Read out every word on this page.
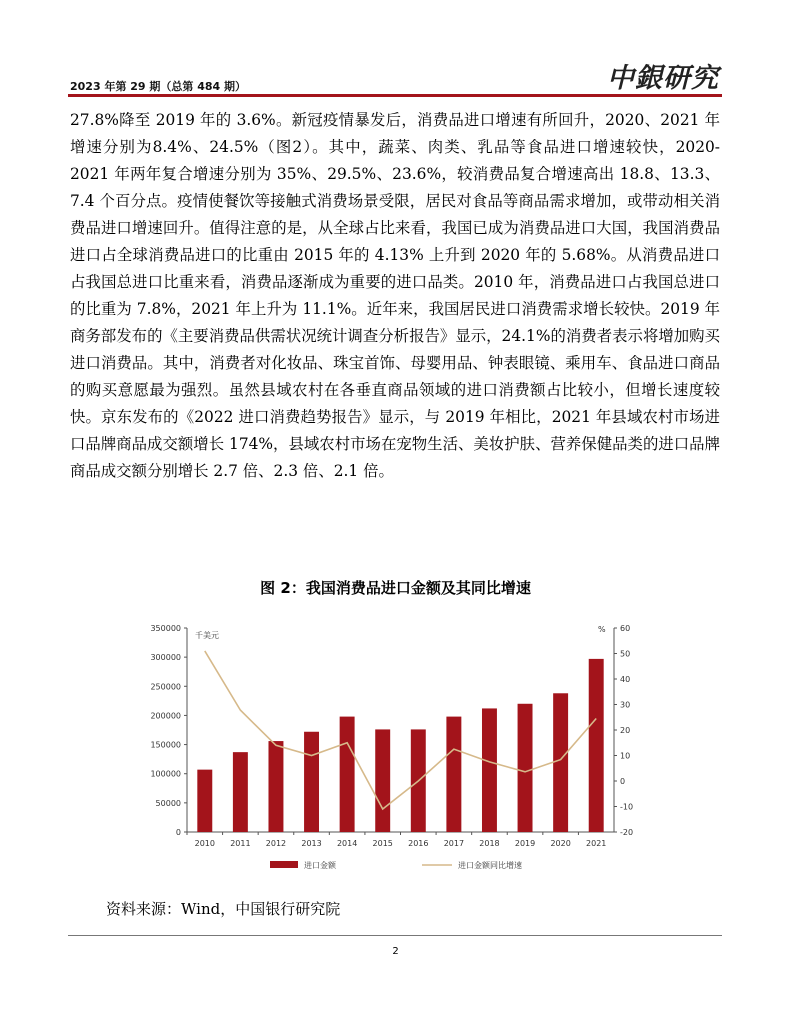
2023 年第 29 期（总第 484 期）	中銀研究

27.8%降至 2019 年的 3.6%。新冠疫情暴发后，消费品进口增速有所回升，2020、2021 年增速分别为8.4%、24.5%（图2）。其中，蔬菜、肉类、乳品等食品进口增速较快，2020-2021 年两年复合增速分别为 35%、29.5%、23.6%，较消费品复合增速高出 18.8、13.3、7.4 个百分点。疫情使餐饮等接触式消费场景受限，居民对食品等商品需求增加，或带动相关消费品进口增速回升。值得注意的是，从全球占比来看，我国已成为消费品进口大国，我国消费品进口占全球消费品进口的比重由 2015 年的 4.13% 上升到 2020 年的 5.68%。从消费品进口占我国总进口比重来看，消费品逐渐成为重要的进口品类。2010 年，消费品进口占我国总进口的比重为 7.8%，2021 年上升为 11.1%。近年来，我国居民进口消费需求增长较快。2019 年商务部发布的《主要消费品供需状况统计调查分析报告》显示，24.1%的消费者表示将增加购买进口消费品。其中，消费者对化妆品、珠宝首饰、母婴用品、钟表眼镜、乘用车、食品进口商品的购买意愿最为强烈。虽然县域农村在各垂直商品领域的进口消费额占比较小，但增长速度较快。京东发布的《2022 进口消费趋势报告》显示，与 2019 年相比，2021 年县域农村市场进口品牌商品成交额增长 174%，县域农村市场在宠物生活、美妆护肤、营养保健品类的进口品牌商品成交额分别增长 2.7 倍、2.3 倍、2.1 倍。

图 2：我国消费品进口金额及其同比增速
0
50000
100000
150000
200000
250000
300000
350000
-20
-10
0
10
20
30
40
50
60
千美元
%
2010 2011 2012 2013 2014 2015 2016 2017 2018 2019 2020 2021
进口金额	进口金额同比增速
资料来源：Wind，中国银行研究院
2
